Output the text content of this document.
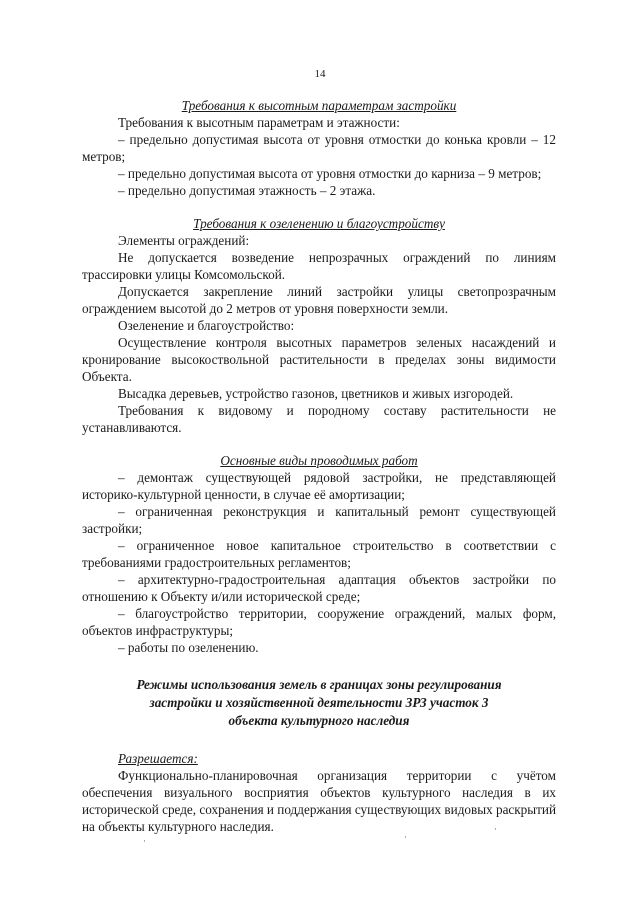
14

Требования к высотным параметрам застройки

Требования к высотным параметрам и этажности:

– предельно допустимая высота от уровня отмостки до конька кровли – 12 метров;

– предельно допустимая высота от уровня отмостки до карниза – 9 метров;

– предельно допустимая этажность – 2 этажа.

Требования к озеленению и благоустройству

Элементы ограждений:

Не допускается возведение непрозрачных ограждений по линиям трассировки улицы Комсомольской.

Допускается закрепление линий застройки улицы светопрозрачным ограждением высотой до 2 метров от уровня поверхности земли.

Озеленение и благоустройство:

Осуществление контроля высотных параметров зеленых насаждений и кронирование высокоствольной растительности в пределах зоны видимости Объекта.

Высадка деревьев, устройство газонов, цветников и живых изгородей.

Требования к видовому и породному составу растительности не устанавливаются.

Основные виды проводимых работ

– демонтаж существующей рядовой застройки, не представляющей историко-культурной ценности, в случае её амортизации;

– ограниченная реконструкция и капитальный ремонт существующей застройки;

– ограниченное новое капитальное строительство в соответствии с требованиями градостроительных регламентов;

– архитектурно-градостроительная адаптация объектов застройки по отношению к Объекту и/или исторической среде;

– благоустройство территории, сооружение ограждений, малых форм, объектов инфраструктуры;

– работы по озеленению.

Режимы использования земель в границах зоны регулирования

застройки и хозяйственной деятельности ЗРЗ участок 3

объекта культурного наследия

Разрешается:

Функционально-планировочная организация территории с учётом обеспечения визуального восприятия объектов культурного наследия в их исторической среде, сохранения и поддержания существующих видовых раскрытий на объекты культурного наследия.

·	·
·
